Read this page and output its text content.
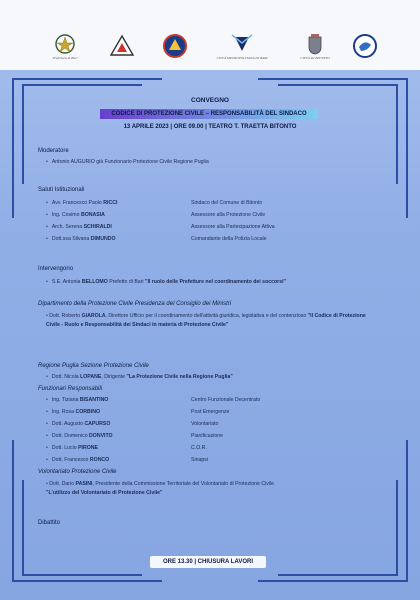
Prefettura di Bari	CITTÀ METROPOLITANA DI BARI	CITTÀ DI BITONTO
CONVEGNO
CODICE DI PROTEZIONE CIVILE – RESPONSABILITÀ DEL SINDACO
13 APRILE 2023 | ORE 09.00 | TEATRO T. TRAETTA BITONTO
Moderatore
• Antonio AUGURIO già Funzionario Protezione Civile Regione Puglia
Saluti Istituzionali
• Avv. Francesco Paolo RICCI	Sindaco del Comune di Bitonto
• Ing. Cosimo BONASIA	Assessore alla Protezione Civile
• Arch. Serena SCHIRALDI	Assessore alla Partecipazione Attiva
• Dott.ssa Silvana DIMUNDO	Comandante della Polizia Locale
Intervengono
• S.E. Antonia BELLOMO Prefetto di Bari "Il ruolo delle Prefetture nel coordinamento dei soccorsi"
Dipartimento della Protezione Civile Presidenza del Consiglio dei Ministri
• Dott. Roberto GIAROLA, Direttore Ufficio per il coordinamento dell'attività giuridica, legislativa e del contenzioso "Il Codice di Protezione Civile - Ruolo e Responsabilità dei Sindaci in materia di Protezione Civile"
Regione Puglia Sezione Protezione Civile
• Dott. Nicola LOPANE, Dirigente "La Protezione Civile nella Regione Puglia"
Funzionari Responsabili
• Ing. Tiziana BISANTINO	Centro Funzionale Decentrato
• Ing. Rosa CORBINO	Post Emergenze
• Dott. Augusto CAPURSO	Volontariato
• Dott. Domenico DONVITO	Pianificazione
• Dott. Lucio PIRONE	C.O.R.
• Dott. Francesco RONCO	Sinapsi
Volontariato Protezione Civile
• Dott. Dario PASINI, Presidente della Commissione Territoriale del Volontariato di Protezione Civile
"L'utilizzo del Volontariato di Protezione Civile"
Dibattito
ORE 13.30 | CHIUSURA LAVORI
